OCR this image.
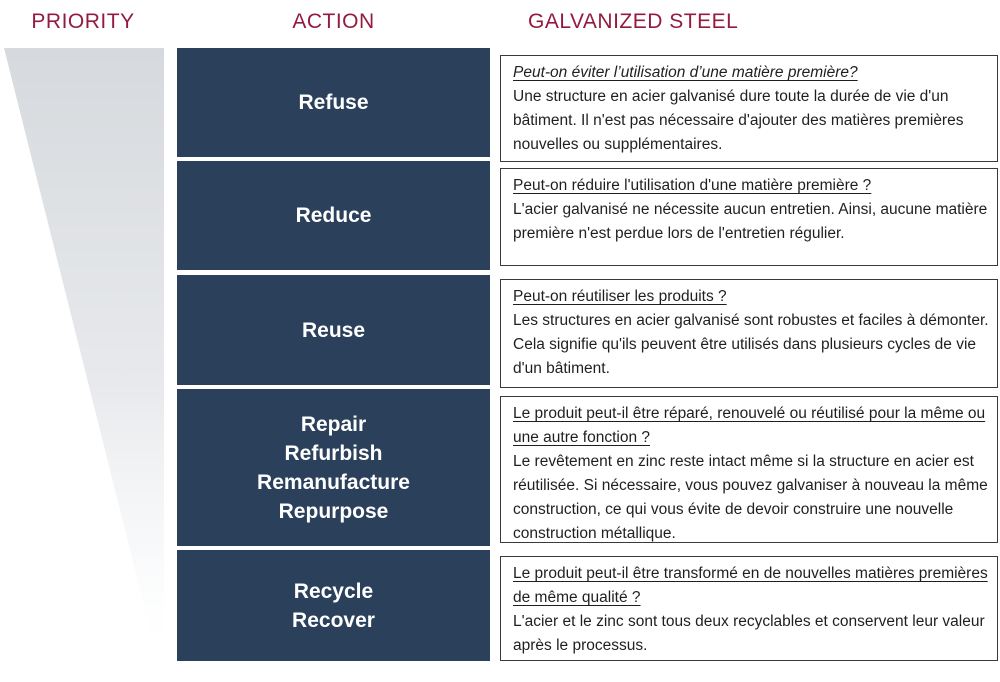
PRIORITY	ACTION	GALVANIZED STEEL
Refuse
Peut-on éviter l’utilisation d’une matière première?
Une structure en acier galvanisé dure toute la durée de vie d'un bâtiment. Il n'est pas nécessaire d'ajouter des matières premières nouvelles ou supplémentaires.
Reduce
Peut-on réduire l'utilisation d'une matière première ?
L'acier galvanisé ne nécessite aucun entretien. Ainsi, aucune matière première n'est perdue lors de l'entretien régulier.
Reuse
Peut-on réutiliser les produits ?
Les structures en acier galvanisé sont robustes et faciles à démonter. Cela signifie qu'ils peuvent être utilisés dans plusieurs cycles de vie d'un bâtiment.
Repair
Refurbish
Remanufacture
Repurpose
Le produit peut-il être réparé, renouvelé ou réutilisé pour la même ou une autre fonction ?
Le revêtement en zinc reste intact même si la structure en acier est réutilisée. Si nécessaire, vous pouvez galvaniser à nouveau la même construction, ce qui vous évite de devoir construire une nouvelle construction métallique.
Recycle
Recover
Le produit peut-il être transformé en de nouvelles matières premières de même qualité ?
L'acier et le zinc sont tous deux recyclables et conservent leur valeur après le processus.
